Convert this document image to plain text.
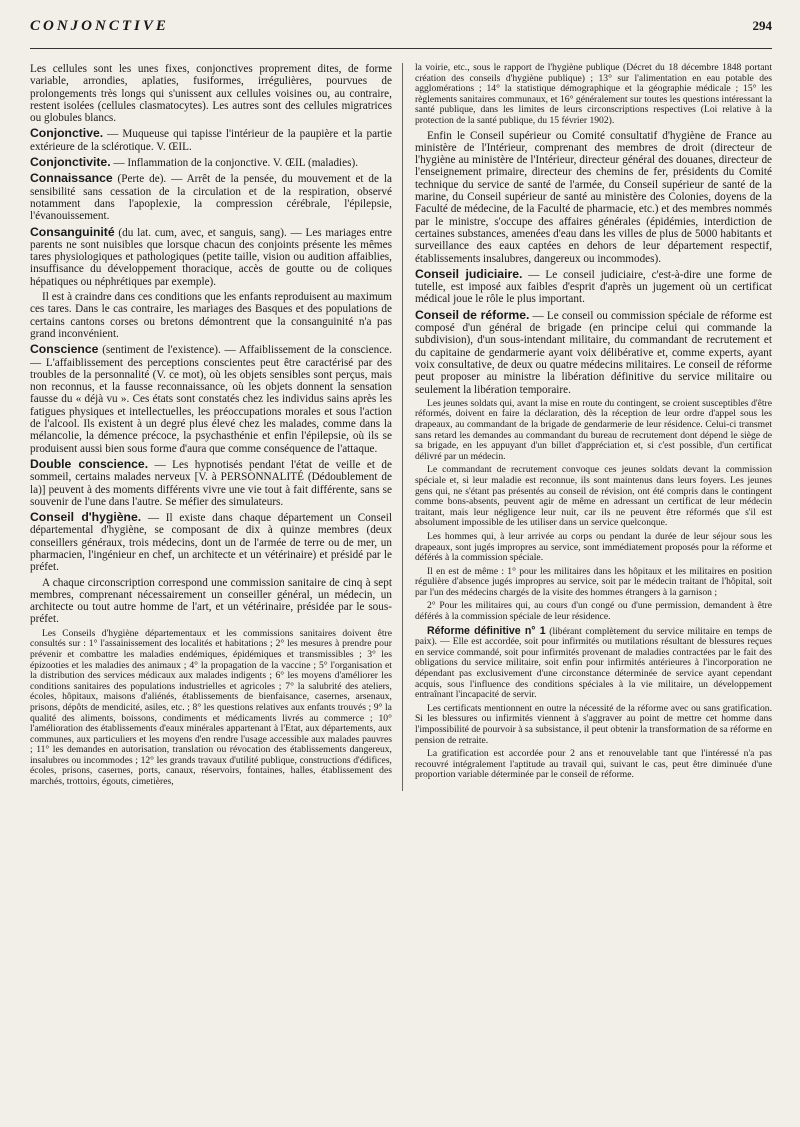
CONJONCTIVE	294

Les cellules sont les unes fixes, conjonctives proprement dites, de forme variable, arrondies, aplaties, fusiformes, irrégulières, pourvues de prolongements très longs qui s'unissent aux cellules voisines ou, au contraire, restent isolées (cellules clasmatocytes). Les autres sont des cellules migratrices ou globules blancs.

Conjonctive. — Muqueuse qui tapisse l'intérieur de la paupière et la partie extérieure de la sclérotique. V. ŒIL.

Conjonctivite. — Inflammation de la conjonctive. V. ŒIL (maladies).

Connaissance (Perte de). — Arrêt de la pensée, du mouvement et de la sensibilité sans cessation de la circulation et de la respiration, observé notamment dans l'apoplexie, la compression cérébrale, l'épilepsie, l'évanouissement.

Consanguinité (du lat. cum, avec, et sanguis, sang). — Les mariages entre parents ne sont nuisibles que lorsque chacun des conjoints présente les mêmes tares physiologiques et pathologiques (petite taille, vision ou audition affaiblies, insuffisance du développement thoracique, accès de goutte ou de coliques hépatiques ou néphrétiques par exemple).

Il est à craindre dans ces conditions que les enfants reproduisent au maximum ces tares. Dans le cas contraire, les mariages des Basques et des populations de certains cantons corses ou bretons démontrent que la consanguinité n'a pas grand inconvénient.

Conscience (sentiment de l'existence). — Affaiblissement de la conscience. — L'affaiblissement des perceptions conscientes peut être caractérisé par des troubles de la personnalité (V. ce mot), où les objets sensibles sont perçus, mais non reconnus, et la fausse reconnaissance, où les objets donnent la sensation fausse du « déjà vu ». Ces états sont constatés chez les individus sains après les fatigues physiques et intellectuelles, les préoccupations morales et sous l'action de l'alcool. Ils existent à un degré plus élevé chez les malades, comme dans la mélancolie, la démence précoce, la psychasthénie et enfin l'épilepsie, où ils se produisent aussi bien sous forme d'aura que comme conséquence de l'attaque.

Double conscience. — Les hypnotisés pendant l'état de veille et de sommeil, certains malades nerveux [V. à PERSONNALITÉ (Dédoublement de la)] peuvent à des moments différents vivre une vie tout à fait différente, sans se souvenir de l'une dans l'autre. Se méfier des simulateurs.

Conseil d'hygiène. — Il existe dans chaque département un Conseil départemental d'hygiène, se composant de dix à quinze membres (deux conseillers généraux, trois médecins, dont un de l'armée de terre ou de mer, un pharmacien, l'ingénieur en chef, un architecte et un vétérinaire) et présidé par le préfet.

A chaque circonscription correspond une commission sanitaire de cinq à sept membres, comprenant nécessairement un conseiller général, un médecin, un architecte ou tout autre homme de l'art, et un vétérinaire, présidée par le sous-préfet.

Les Conseils d'hygiène départementaux et les commissions sanitaires doivent être consultés sur : 1° l'assainissement des localités et habitations ; 2° les mesures à prendre pour prévenir et combattre les maladies endémiques, épidémiques et transmissibles ; 3° les épizooties et les maladies des animaux ; 4° la propagation de la vaccine ; 5° l'organisation et la distribution des services médicaux aux malades indigents ; 6° les moyens d'améliorer les conditions sanitaires des populations industrielles et agricoles ; 7° la salubrité des ateliers, écoles, hôpitaux, maisons d'aliénés, établissements de bienfaisance, casernes, arsenaux, prisons, dépôts de mendicité, asiles, etc. ; 8° les questions relatives aux enfants trouvés ; 9° la qualité des aliments, boissons, condiments et médicaments livrés au commerce ; 10° l'amélioration des établissements d'eaux minérales appartenant à l'Etat, aux départements, aux communes, aux particuliers et les moyens d'en rendre l'usage accessible aux malades pauvres ; 11° les demandes en autorisation, translation ou révocation des établissements dangereux, insalubres ou incommodes ; 12° les grands travaux d'utilité publique, constructions d'édifices, écoles, prisons, casernes, ports, canaux, réservoirs, fontaines, halles, établissement des marchés, trottoirs, égouts, cimetières,

la voirie, etc., sous le rapport de l'hygiène publique (Décret du 18 décembre 1848 portant création des conseils d'hygiène publique) ; 13° sur l'alimentation en eau potable des agglomérations ; 14° la statistique démographique et la géographie médicale ; 15° les règlements sanitaires communaux, et 16° généralement sur toutes les questions intéressant la santé publique, dans les limites de leurs circonscriptions respectives (Loi relative à la protection de la santé publique, du 15 février 1902).

Enfin le Conseil supérieur ou Comité consultatif d'hygiène de France au ministère de l'Intérieur, comprenant des membres de droit (directeur de l'hygiène au ministère de l'Intérieur, directeur général des douanes, directeur de l'enseignement primaire, directeur des chemins de fer, présidents du Comité technique du service de santé de l'armée, du Conseil supérieur de santé de la marine, du Conseil supérieur de santé au ministère des Colonies, doyens de la Faculté de médecine, de la Faculté de pharmacie, etc.) et des membres nommés par le ministre, s'occupe des affaires générales (épidémies, interdiction de certaines substances, amenées d'eau dans les villes de plus de 5000 habitants et surveillance des eaux captées en dehors de leur département respectif, établissements insalubres, dangereux ou incommodes).

Conseil judiciaire. — Le conseil judiciaire, c'est-à-dire une forme de tutelle, est imposé aux faibles d'esprit d'après un jugement où un certificat médical joue le rôle le plus important.

Conseil de réforme. — Le conseil ou commission spéciale de réforme est composé d'un général de brigade (en principe celui qui commande la subdivision), d'un sous-intendant militaire, du commandant de recrutement et du capitaine de gendarmerie ayant voix délibérative et, comme experts, ayant voix consultative, de deux ou quatre médecins militaires. Le conseil de réforme peut proposer au ministre la libération définitive du service militaire ou seulement la libération temporaire.

Les jeunes soldats qui, avant la mise en route du contingent, se croient susceptibles d'être réformés, doivent en faire la déclaration, dès la réception de leur ordre d'appel sous les drapeaux, au commandant de la brigade de gendarmerie de leur résidence. Celui-ci transmet sans retard les demandes au commandant du bureau de recrutement dont dépend le siège de sa brigade, en les appuyant d'un billet d'appréciation et, si c'est possible, d'un certificat délivré par un médecin.

Le commandant de recrutement convoque ces jeunes soldats devant la commission spéciale et, si leur maladie est reconnue, ils sont maintenus dans leurs foyers. Les jeunes gens qui, ne s'étant pas présentés au conseil de révision, ont été compris dans le contingent comme bons-absents, peuvent agir de même en adressant un certificat de leur médecin traitant, mais leur négligence leur nuit, car ils ne peuvent être réformés que s'il est absolument impossible de les utiliser dans un service quelconque.

Les hommes qui, à leur arrivée au corps ou pendant la durée de leur séjour sous les drapeaux, sont jugés impropres au service, sont immédiatement proposés pour la réforme et déférés à la commission spéciale.

Il en est de même : 1° pour les militaires dans les hôpitaux et les militaires en position régulière d'absence jugés impropres au service, soit par le médecin traitant de l'hôpital, soit par l'un des médecins chargés de la visite des hommes étrangers à la garnison ;

2° Pour les militaires qui, au cours d'un congé ou d'une permission, demandent à être déférés à la commission spéciale de leur résidence.

Réforme définitive n° 1 (libérant complètement du service militaire en temps de paix). — Elle est accordée, soit pour infirmités ou mutilations résultant de blessures reçues en service commandé, soit pour infirmités provenant de maladies contractées par le fait des obligations du service militaire, soit enfin pour infirmités antérieures à l'incorporation ne dépendant pas exclusivement d'une circonstance déterminée de service ayant cependant acquis, sous l'influence des conditions spéciales à la vie militaire, un développement entraînant l'incapacité de servir.

Les certificats mentionnent en outre la nécessité de la réforme avec ou sans gratification. Si les blessures ou infirmités viennent à s'aggraver au point de mettre cet homme dans l'impossibilité de pourvoir à sa subsistance, il peut obtenir la transformation de sa réforme en pension de retraite.

La gratification est accordée pour 2 ans et renouvelable tant que l'intéressé n'a pas recouvré intégralement l'aptitude au travail qui, suivant le cas, peut être diminuée d'une proportion variable déterminée par le conseil de réforme.
